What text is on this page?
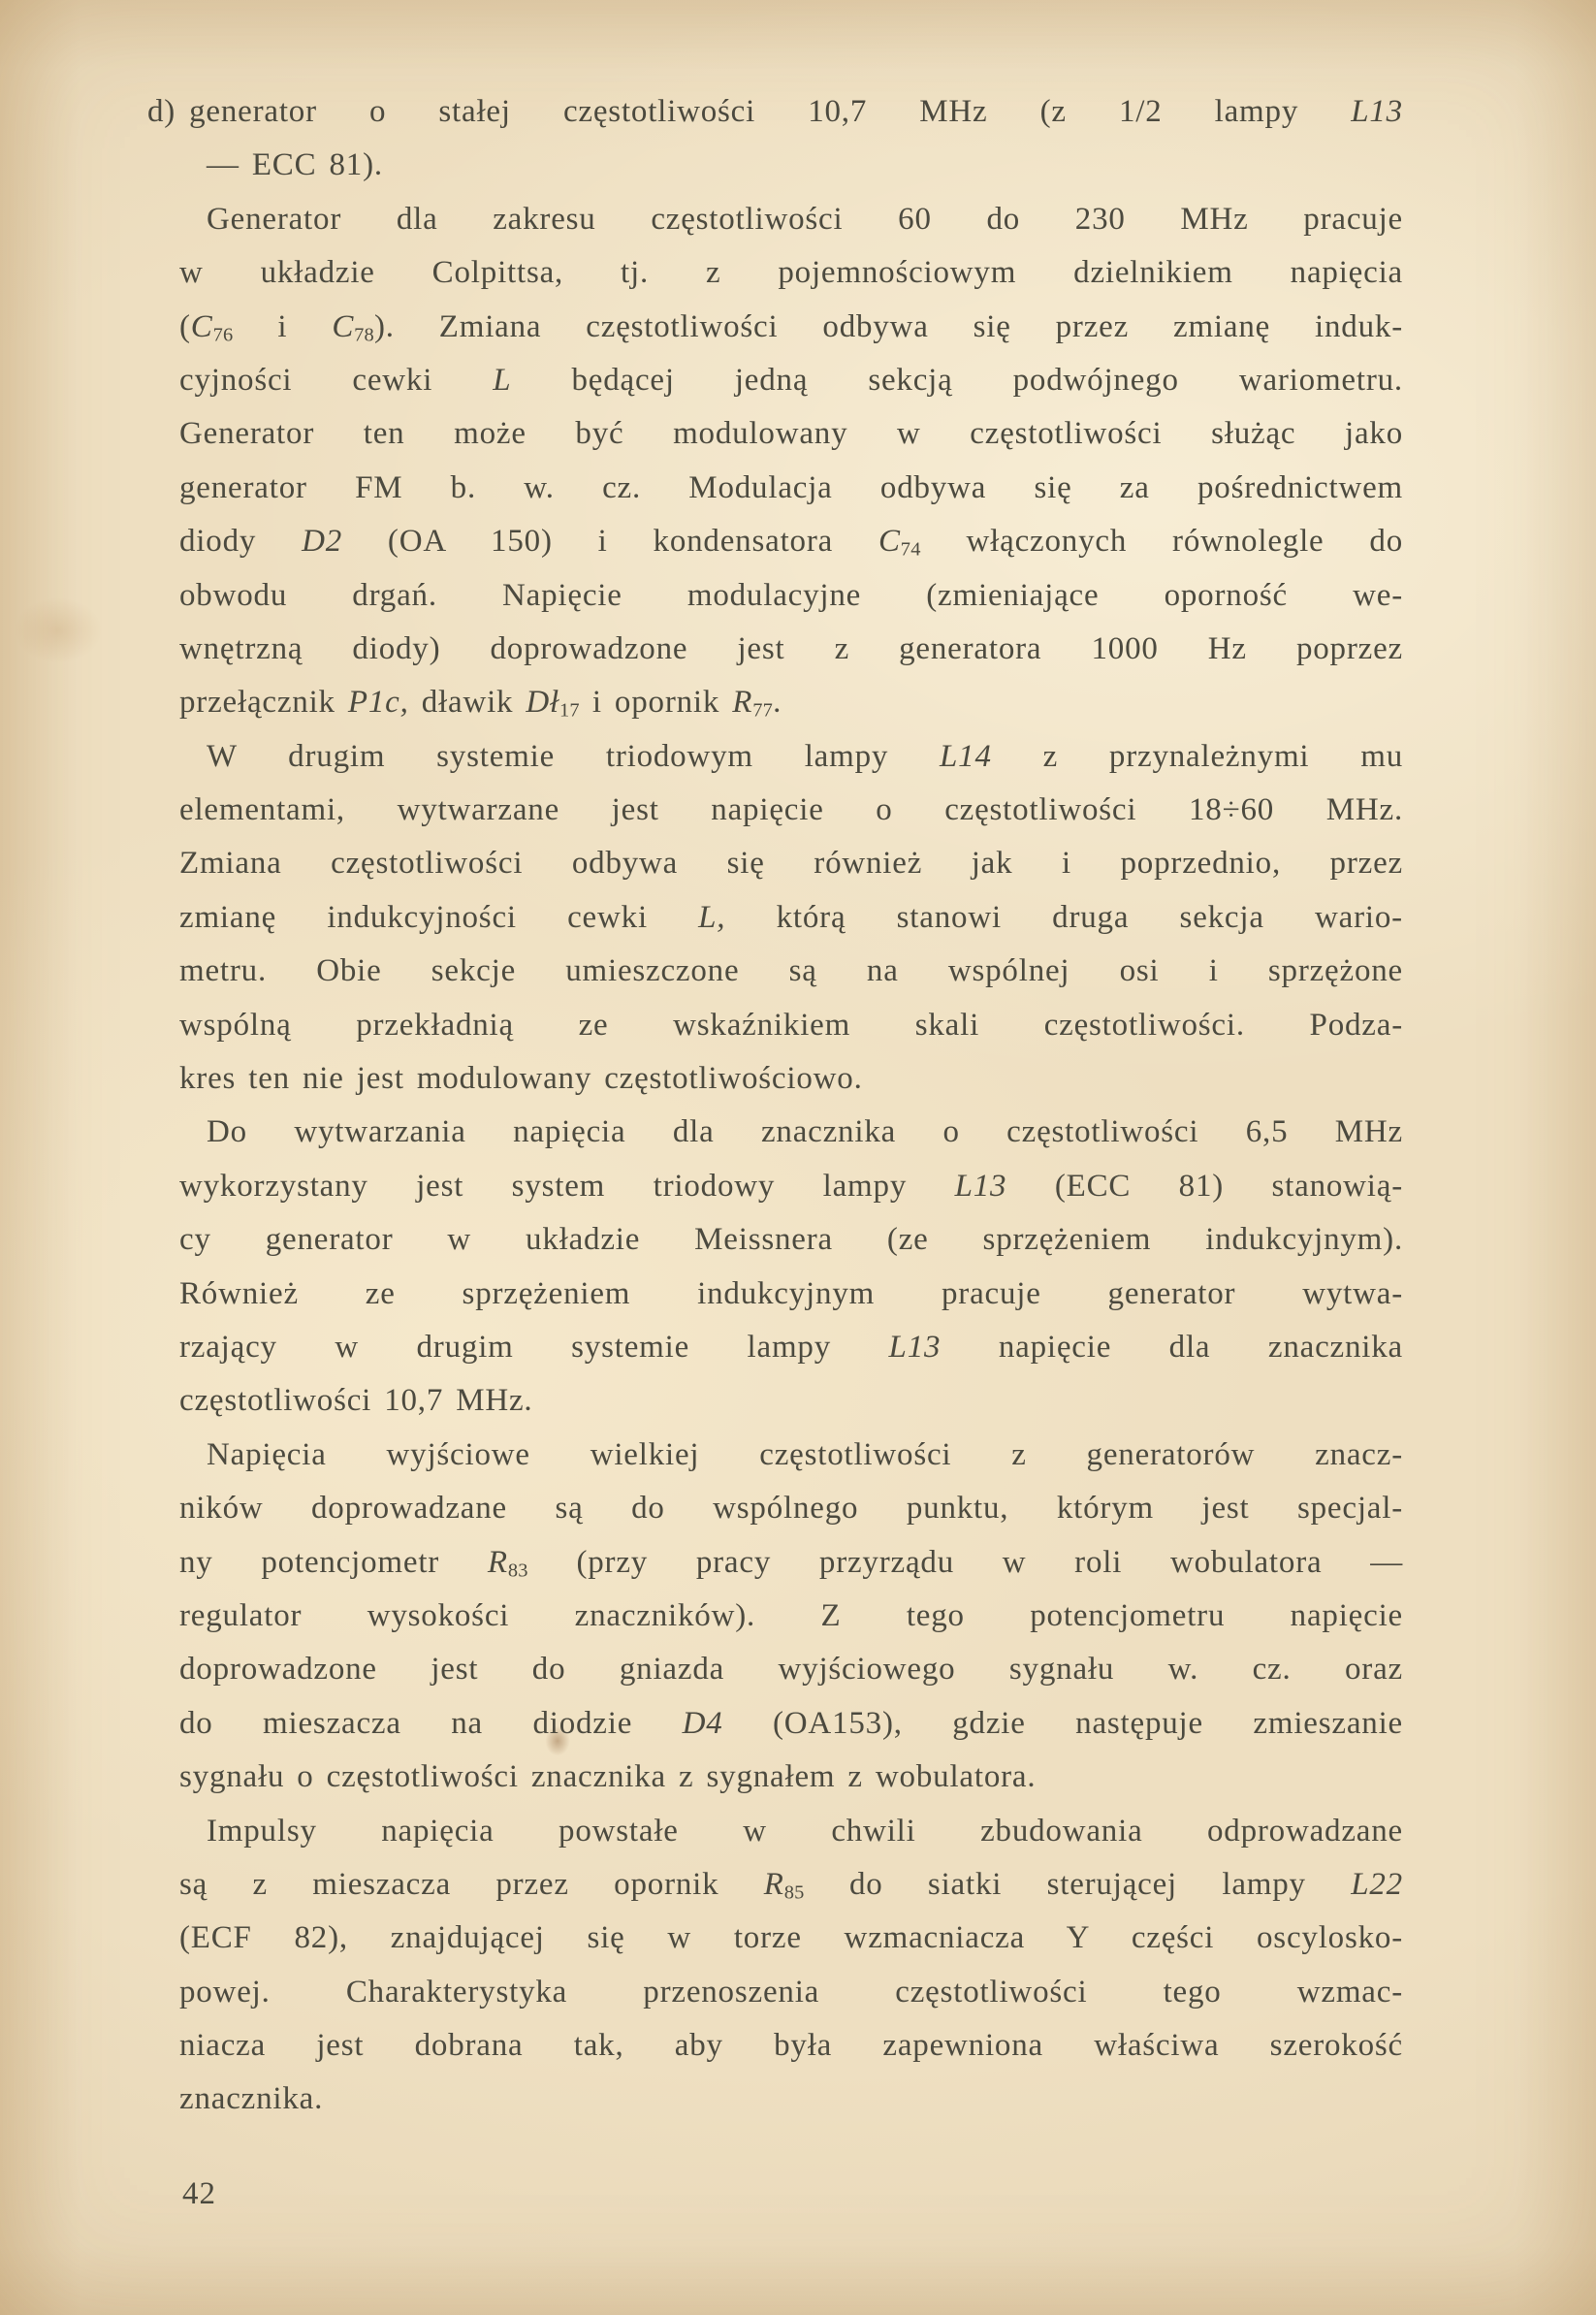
d) generator o stałej częstotliwości 10,7 MHz (z 1/2 lampy L13
— ECC 81).
Generator dla zakresu częstotliwości 60 do 230 MHz pracuje
w układzie Colpittsa, tj. z pojemnościowym dzielnikiem napięcia
($C_{76}$ i $C_{78}$). Zmiana częstotliwości odbywa się przez zmianę induk-
cyjności cewki L będącej jedną sekcją podwójnego wariometru.
Generator ten może być modulowany w częstotliwości służąc jako
generator FM b. w. cz. Modulacja odbywa się za pośrednictwem
diody D2 (OA 150) i kondensatora $C_{74}$ włączonych równolegle do
obwodu drgań. Napięcie modulacyjne (zmieniające oporność we-
wnętrzną diody) doprowadzone jest z generatora 1000 Hz poprzez
przełącznik P1c, dławik $Dł_{17}$ i opornik $R_{77}$.
W drugim systemie triodowym lampy L14 z przynależnymi mu
elementami, wytwarzane jest napięcie o częstotliwości 18÷60 MHz.
Zmiana częstotliwości odbywa się również jak i poprzednio, przez
zmianę indukcyjności cewki L, którą stanowi druga sekcja wario-
metru. Obie sekcje umieszczone są na wspólnej osi i sprzężone
wspólną przekładnią ze wskaźnikiem skali częstotliwości. Podza-
kres ten nie jest modulowany częstotliwościowo.
Do wytwarzania napięcia dla znacznika o częstotliwości 6,5 MHz
wykorzystany jest system triodowy lampy L13 (ECC 81) stanowią-
cy generator w układzie Meissnera (ze sprzężeniem indukcyjnym).
Również ze sprzężeniem indukcyjnym pracuje generator wytwa-
rzający w drugim systemie lampy L13 napięcie dla znacznika
częstotliwości 10,7 MHz.
Napięcia wyjściowe wielkiej częstotliwości z generatorów znacz-
ników doprowadzane są do wspólnego punktu, którym jest specjal-
ny potencjometr $R_{83}$ (przy pracy przyrządu w roli wobulatora —
regulator wysokości znaczników). Z tego potencjometru napięcie
doprowadzone jest do gniazda wyjściowego sygnału w. cz. oraz
do mieszacza na diodzie D4 (OA153), gdzie następuje zmieszanie
sygnału o częstotliwości znacznika z sygnałem z wobulatora.
Impulsy napięcia powstałe w chwili zbudowania odprowadzane
są z mieszacza przez opornik $R_{85}$ do siatki sterującej lampy L22
(ECF 82), znajdującej się w torze wzmacniacza Y części oscylosko-
powej. Charakterystyka przenoszenia częstotliwości tego wzmac-
niacza jest dobrana tak, aby była zapewniona właściwa szerokość
znacznika.
42
